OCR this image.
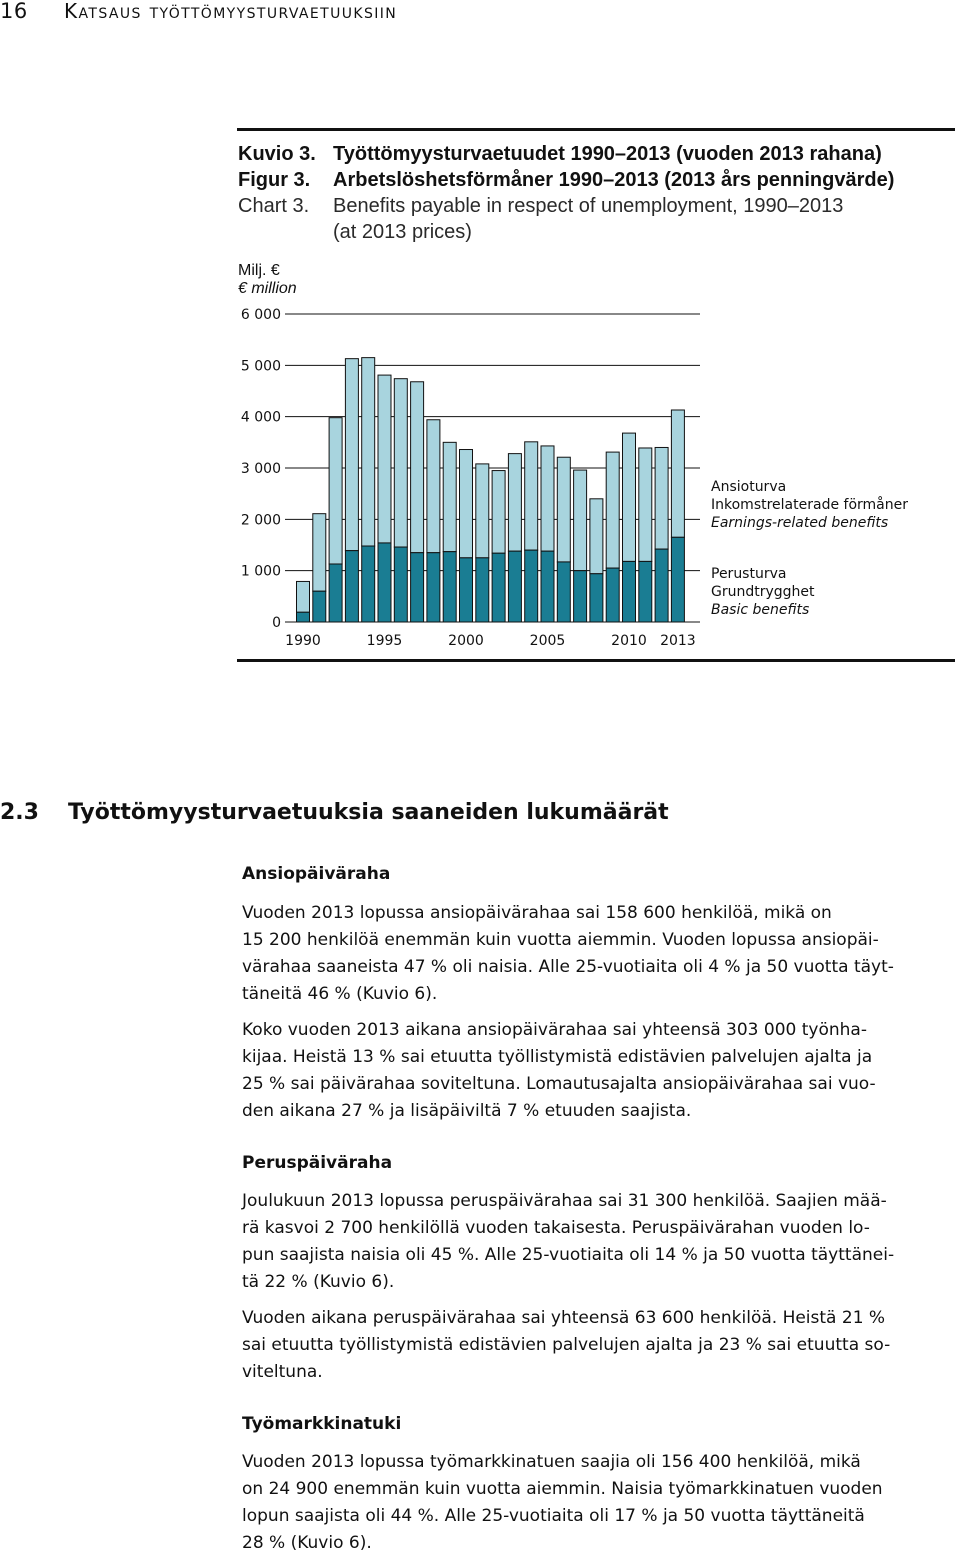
16 Katsaus työttömyysturvaetuuksiin
Kuvio 3. Työttömyysturvaetuudet 1990–2013 (vuoden 2013 rahana)
Figur 3. Arbetslöshetsförmåner 1990–2013 (2013 års penningvärde)
Chart 3. Benefits payable in respect of unemployment, 1990–2013
(at 2013 prices)
Milj. €
€ million
0
1 000
2 000
3 000
4 000
5 000
6 000
1990	1995	2000	2005	2010 2013
Ansioturva
Inkomstrelaterade förmåner
Earnings-related benefits
Perusturva
Grundtrygghet
Basic benefits
2.3 Työttömyysturvaetuuksia saaneiden lukumäärät
Ansiopäiväraha
Vuoden 2013 lopussa ansiopäivärahaa sai 158 600 henkilöä, mikä on
15 200 henkilöä enemmän kuin vuotta aiemmin. Vuoden lopussa ansiopäi-
värahaa saaneista 47 % oli naisia. Alle 25-vuotiaita oli 4 % ja 50 vuotta täyt-
täneitä 46 % (Kuvio 6).
Koko vuoden 2013 aikana ansiopäivärahaa sai yhteensä 303 000 työnha-
kijaa. Heistä 13 % sai etuutta työllistymistä edistävien palvelujen ajalta ja
25 % sai päivärahaa soviteltuna. Lomautusajalta ansiopäivärahaa sai vuo-
den aikana 27 % ja lisäpäiviltä 7 % etuuden saajista.
Peruspäiväraha
Joulukuun 2013 lopussa peruspäivärahaa sai 31 300 henkilöä. Saajien mää-
rä kasvoi 2 700 henkilöllä vuoden takaisesta. Peruspäivärahan vuoden lo-
pun saajista naisia oli 45 %. Alle 25-vuotiaita oli 14 % ja 50 vuotta täyttänei-
tä 22 % (Kuvio 6).
Vuoden aikana peruspäivärahaa sai yhteensä 63 600 henkilöä. Heistä 21 %
sai etuutta työllistymistä edistävien palvelujen ajalta ja 23 % sai etuutta so-
viteltuna.
Työmarkkinatuki
Vuoden 2013 lopussa työmarkkinatuen saajia oli 156 400 henkilöä, mikä
on 24 900 enemmän kuin vuotta aiemmin. Naisia työmarkkinatuen vuoden
lopun saajista oli 44 %. Alle 25-vuotiaita oli 17 % ja 50 vuotta täyttäneitä
28 % (Kuvio 6).
